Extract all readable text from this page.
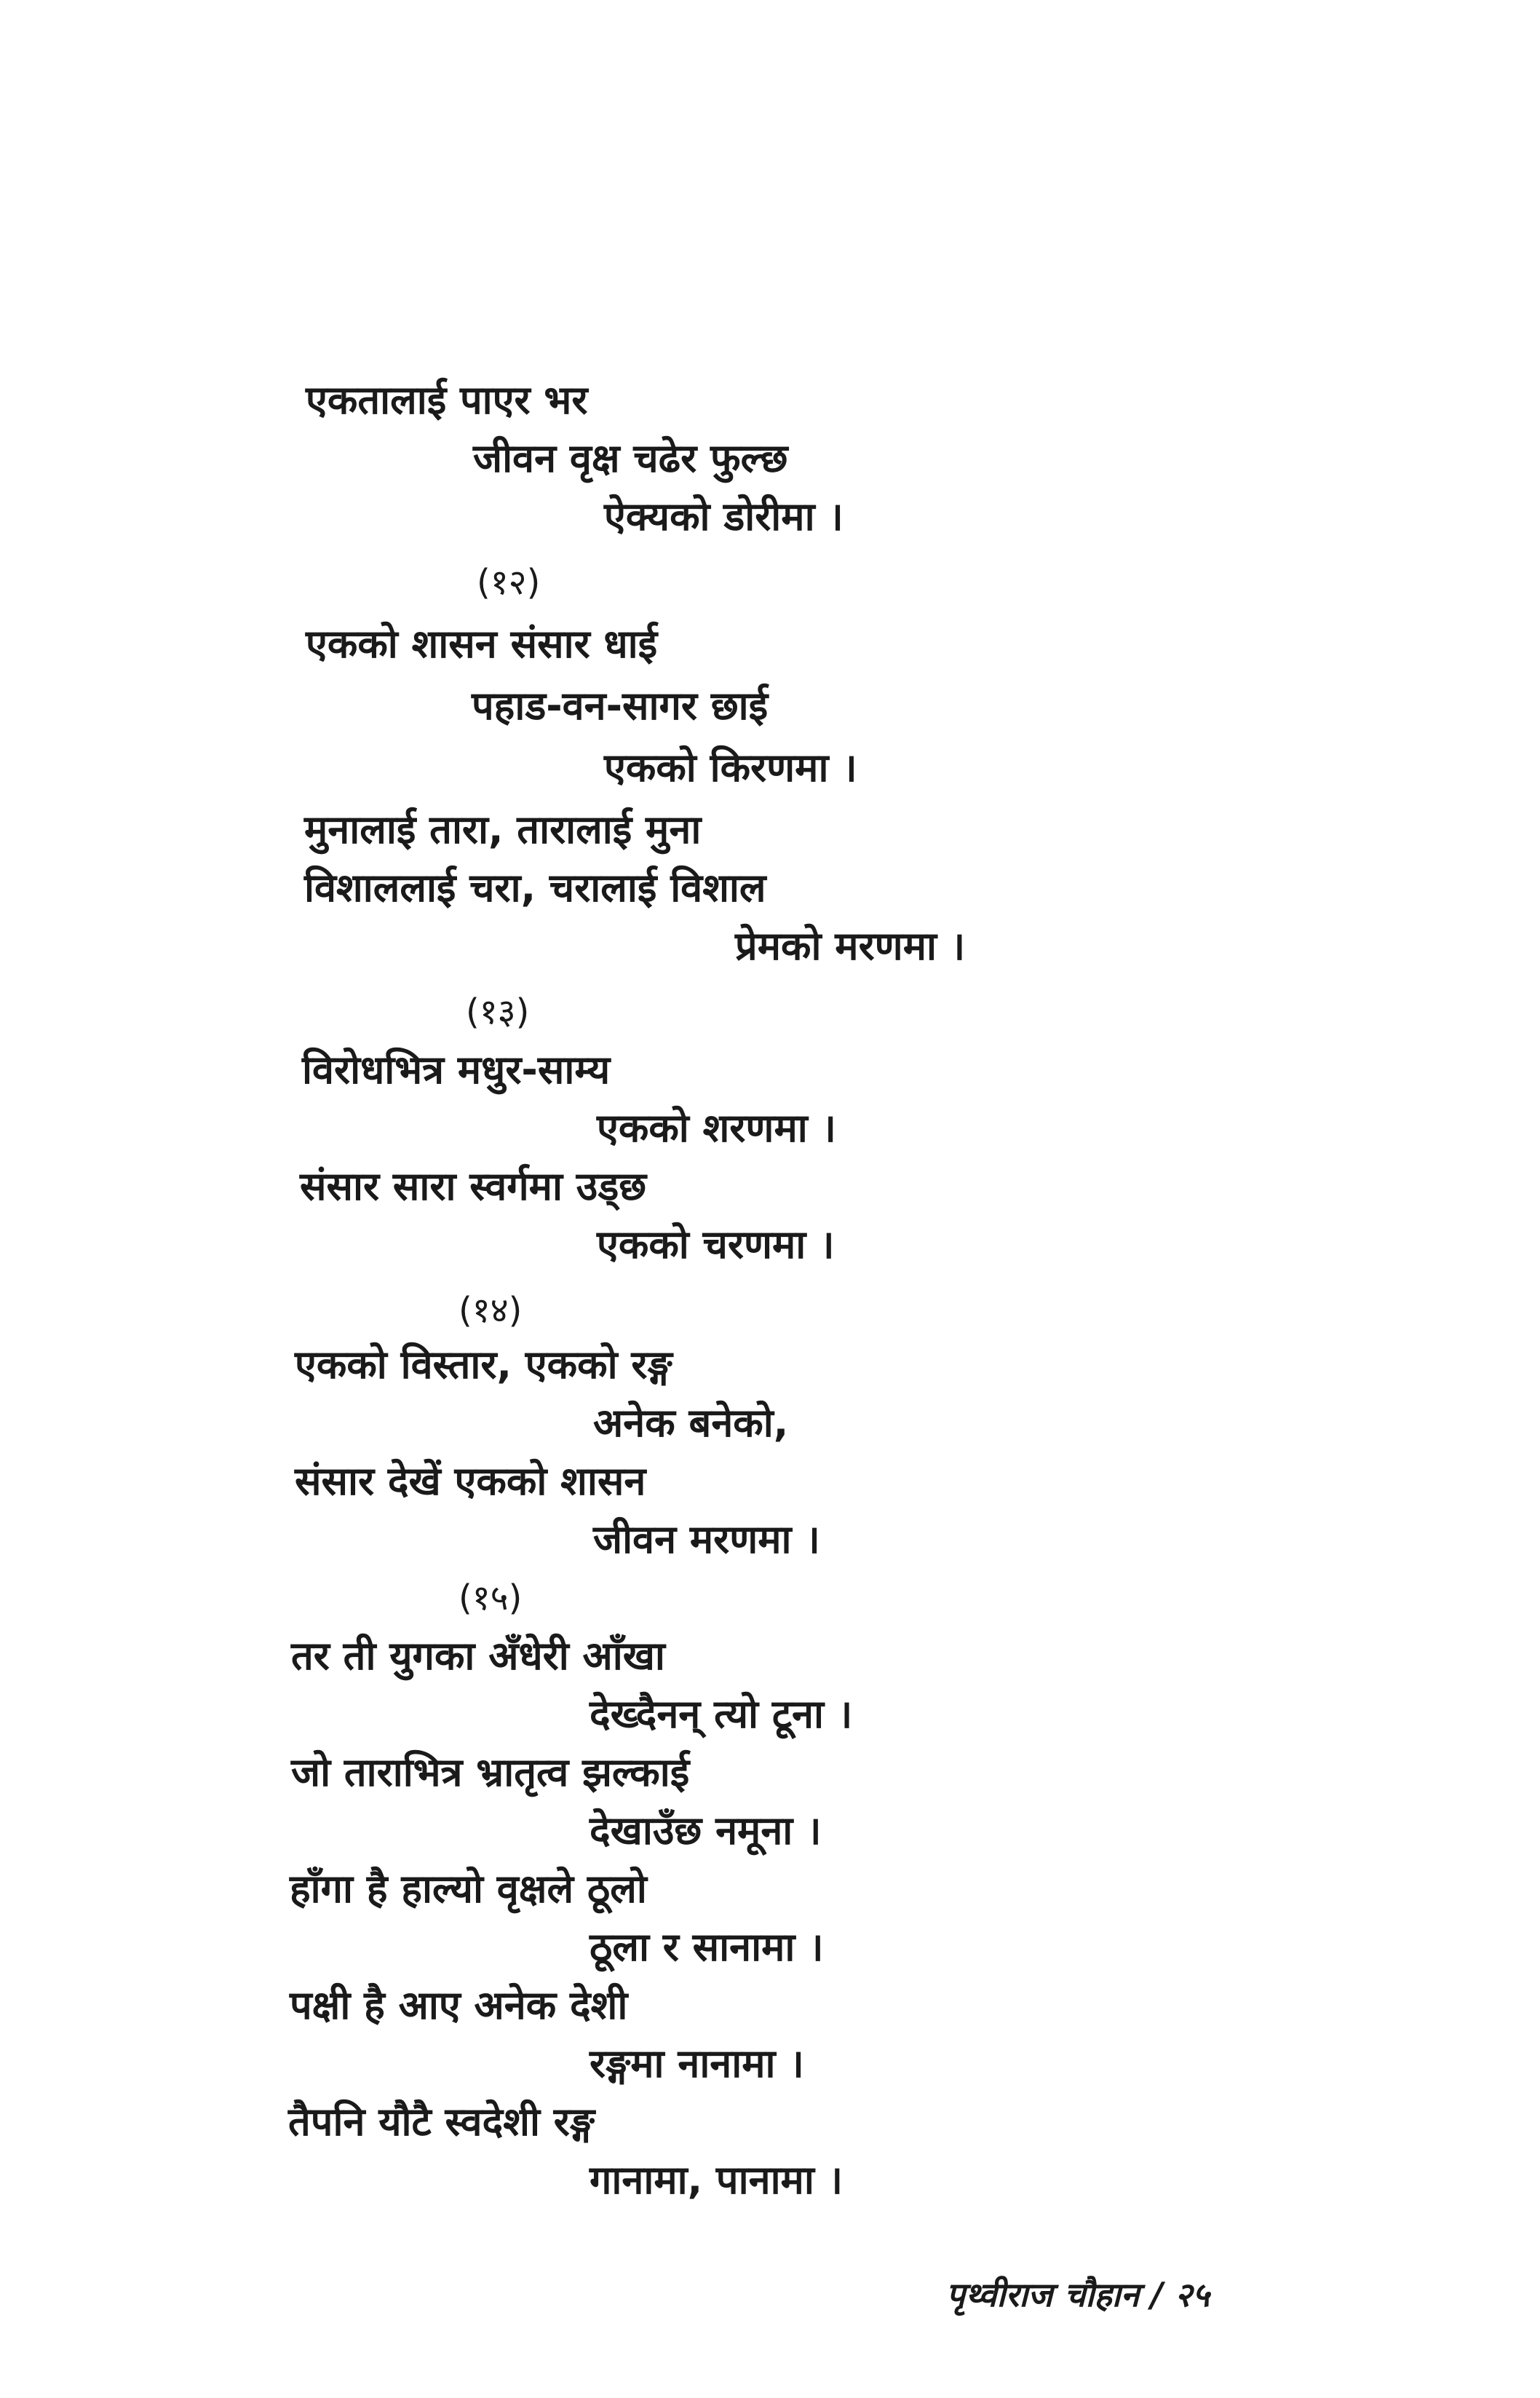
एकतालाई पाएर भर
जीवन वृक्ष चढेर फुल्छ
ऐक्यको डोरीमा ।
(१२)
एकको शासन संसार धाई
पहाड-वन-सागर छाई
एकको किरणमा ।
मुनालाई तारा, तारालाई मुना
विशाललाई चरा, चरालाई विशाल
प्रेमको मरणमा ।
(१३)
विरोधभित्र मधुर-साम्य
एकको शरणमा ।
संसार सारा स्वर्गमा उड्छ
एकको चरणमा ।
(१४)
एकको विस्तार, एकको रङ्ग
अनेक बनेको,
संसार देखें एकको शासन
जीवन मरणमा ।
(१५)
तर ती युगका अँधेरी आँखा
देख्दैनन् त्यो टूना ।
जो ताराभित्र भ्रातृत्व झल्काई
देखाउँछ नमूना ।
हाँगा है हाल्यो वृक्षले ठूलो
ठूला र सानामा ।
पक्षी है आए अनेक देशी
रङ्गमा नानामा ।
तैपनि यौटै स्वदेशी रङ्ग
गानामा, पानामा ।
पृथ्वीराज चौहान / २५
